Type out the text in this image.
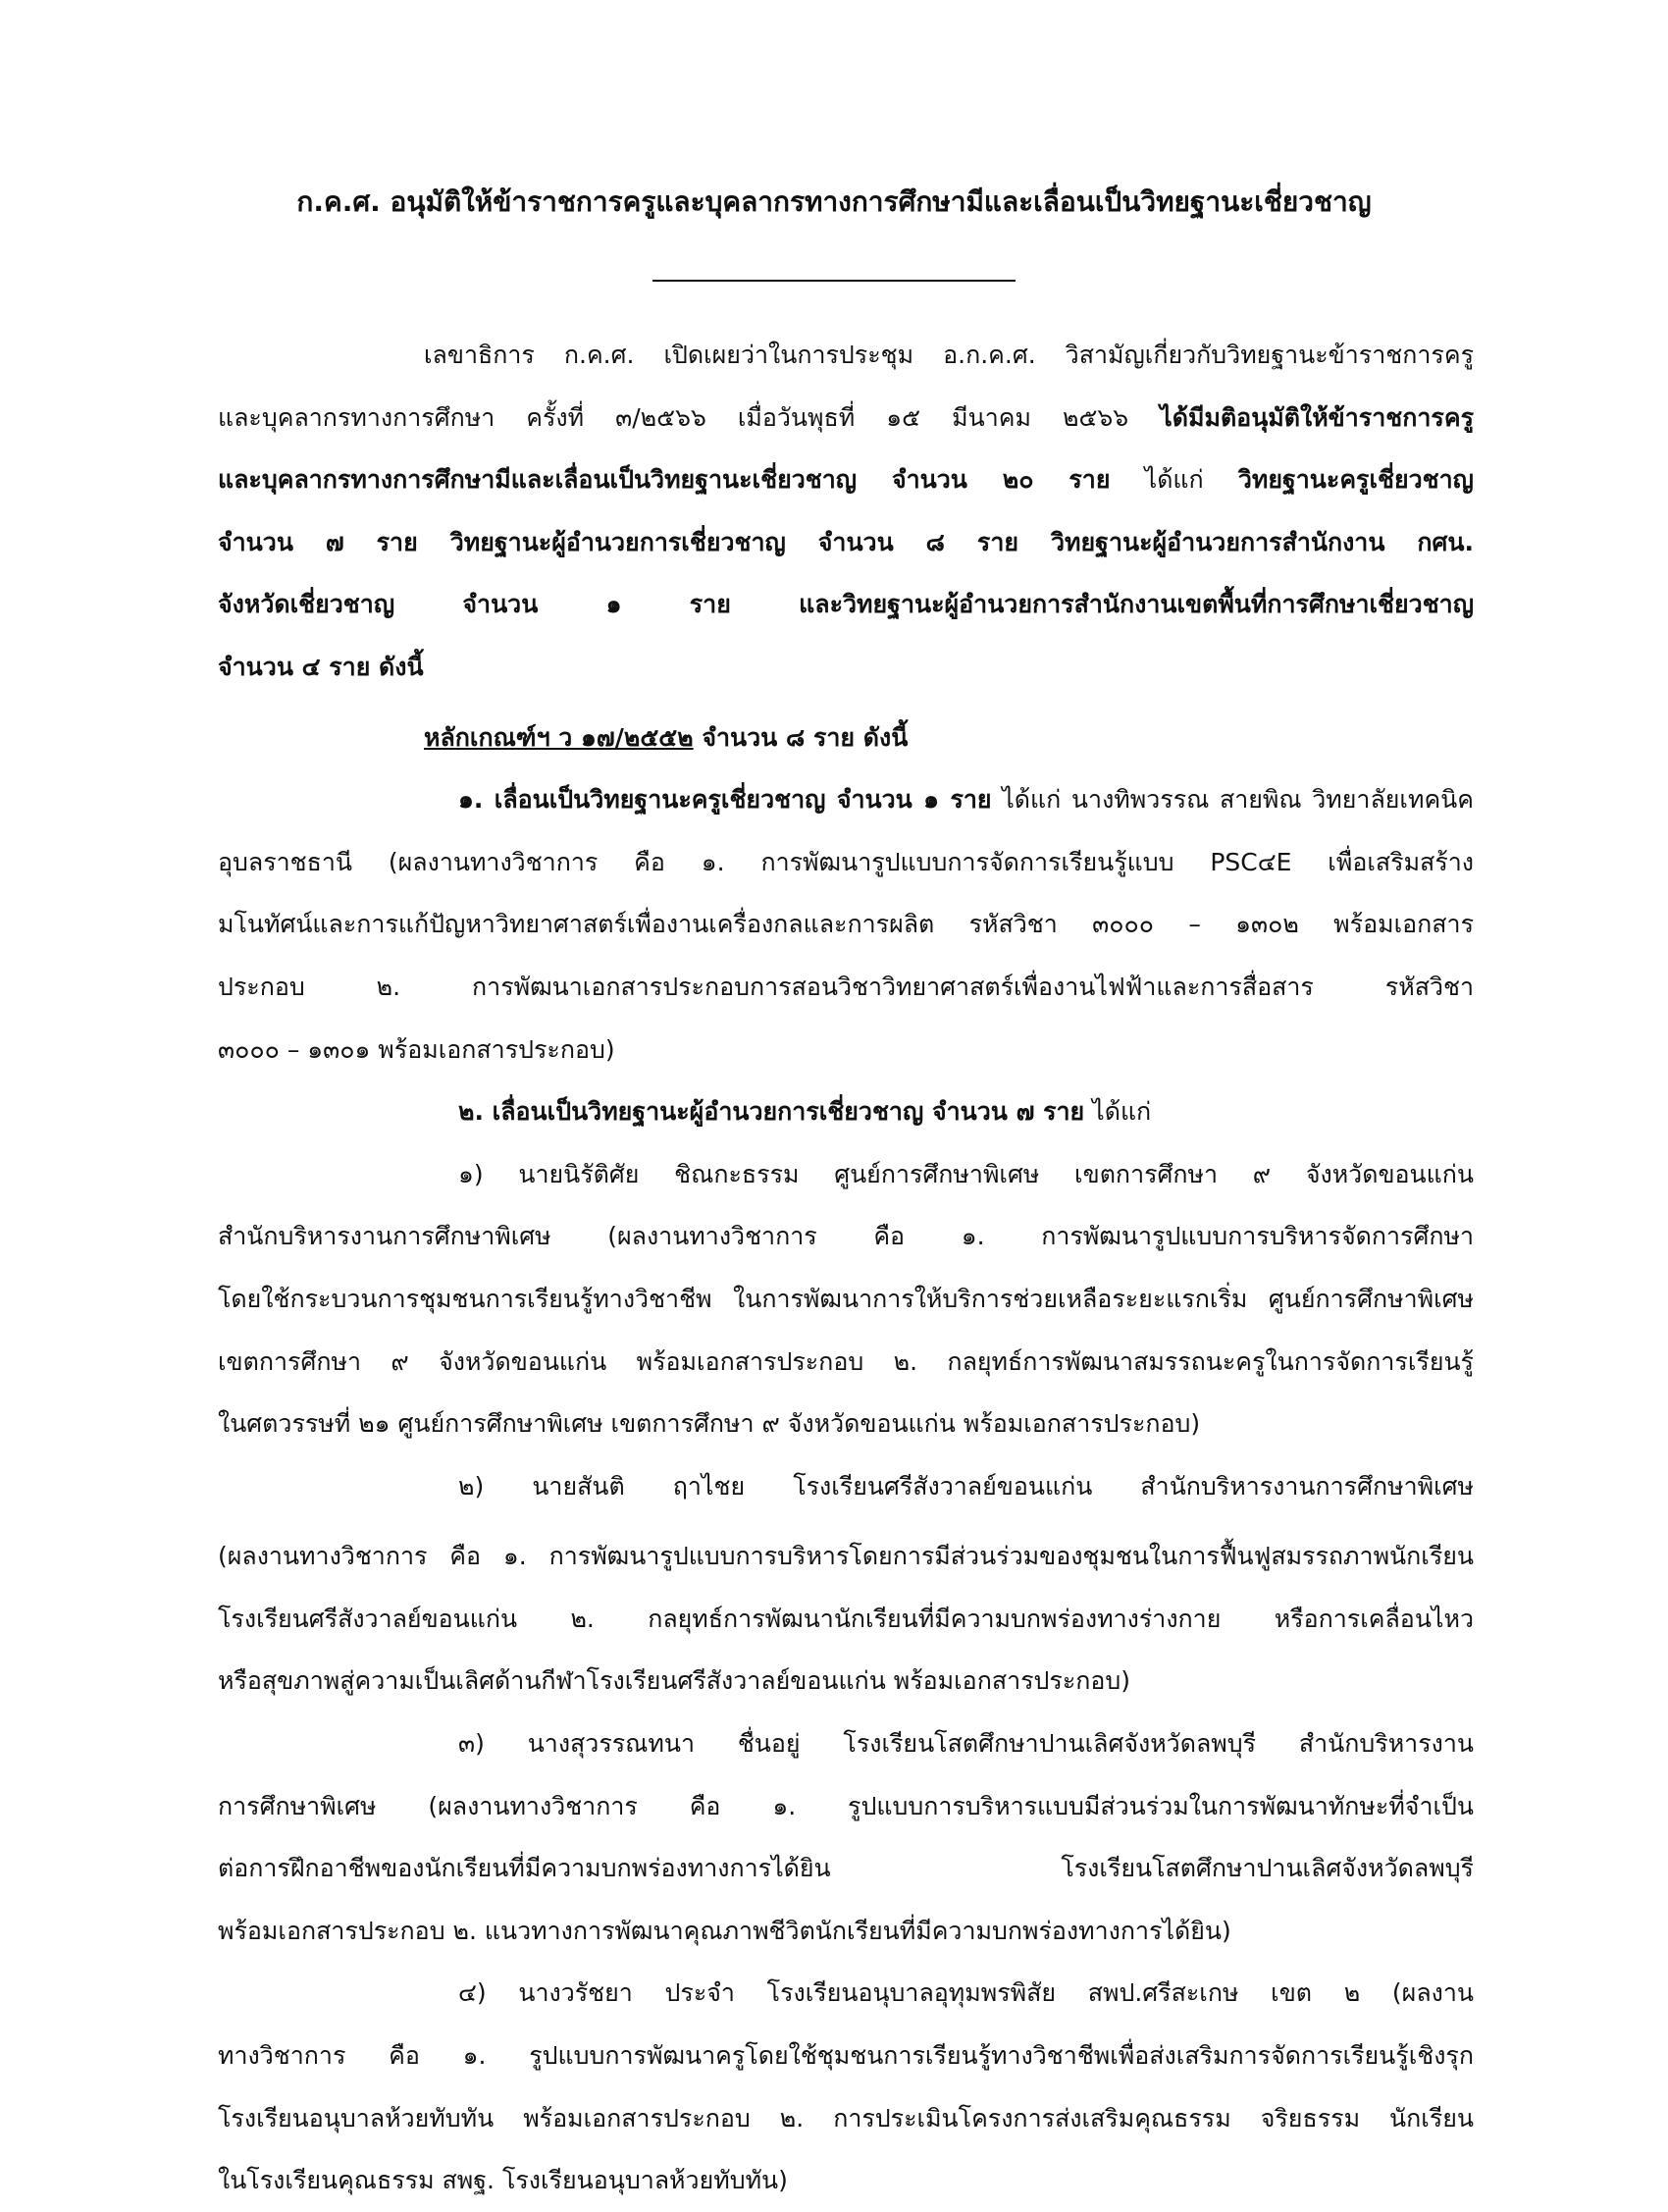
ก.ค.ศ. อนุมัติให้ข้าราชการครูและบุคลากรทางการศึกษามีและเลื่อนเป็นวิทยฐานะเชี่ยวชาญ
เลขาธิการ ก.ค.ศ. เปิดเผยว่าในการประชุม อ.ก.ค.ศ. วิสามัญเกี่ยวกับวิทยฐานะข้าราชการครู
และบุคลากรทางการศึกษา ครั้งที่ ๓/๒๕๖๖ เมื่อวันพุธที่ ๑๕ มีนาคม ๒๕๖๖ ได้มีมติอนุมัติให้ข้าราชการครู
และบุคลากรทางการศึกษามีและเลื่อนเป็นวิทยฐานะเชี่ยวชาญ จำนวน ๒๐ ราย ได้แก่ วิทยฐานะครูเชี่ยวชาญ
จำนวน ๗ ราย วิทยฐานะผู้อำนวยการเชี่ยวชาญ จำนวน ๘ ราย วิทยฐานะผู้อำนวยการสำนักงาน กศน.
จังหวัดเชี่ยวชาญ จำนวน ๑ ราย และวิทยฐานะผู้อำนวยการสำนักงานเขตพื้นที่การศึกษาเชี่ยวชาญ
จำนวน ๔ ราย ดังนี้
หลักเกณฑ์ฯ ว ๑๗/๒๕๕๒ จำนวน ๘ ราย ดังนี้
๑. เลื่อนเป็นวิทยฐานะครูเชี่ยวชาญ จำนวน ๑ ราย ได้แก่ นางทิพวรรณ สายพิณ วิทยาลัยเทคนิค
อุบลราชธานี (ผลงานทางวิชาการ คือ ๑. การพัฒนารูปแบบการจัดการเรียนรู้แบบ PSC๔E เพื่อเสริมสร้าง
มโนทัศน์และการแก้ปัญหาวิทยาศาสตร์เพื่องานเครื่องกลและการผลิต รหัสวิชา ๓๐๐๐ – ๑๓๐๒ พร้อมเอกสาร
ประกอบ ๒. การพัฒนาเอกสารประกอบการสอนวิชาวิทยาศาสตร์เพื่องานไฟฟ้าและการสื่อสาร รหัสวิชา
๓๐๐๐ – ๑๓๐๑ พร้อมเอกสารประกอบ)
๒. เลื่อนเป็นวิทยฐานะผู้อำนวยการเชี่ยวชาญ จำนวน ๗ ราย ได้แก่
๑) นายนิรัติศัย ชิณกะธรรม ศูนย์การศึกษาพิเศษ เขตการศึกษา ๙ จังหวัดขอนแก่น
สำนักบริหารงานการศึกษาพิเศษ (ผลงานทางวิชาการ คือ ๑. การพัฒนารูปแบบการบริหารจัดการศึกษา
โดยใช้กระบวนการชุมชนการเรียนรู้ทางวิชาชีพ ในการพัฒนาการให้บริการช่วยเหลือระยะแรกเริ่ม ศูนย์การศึกษาพิเศษ
เขตการศึกษา ๙ จังหวัดขอนแก่น พร้อมเอกสารประกอบ ๒. กลยุทธ์การพัฒนาสมรรถนะครูในการจัดการเรียนรู้
ในศตวรรษที่ ๒๑ ศูนย์การศึกษาพิเศษ เขตการศึกษา ๙ จังหวัดขอนแก่น พร้อมเอกสารประกอบ)
๒) นายสันติ ฤาไชย โรงเรียนศรีสังวาลย์ขอนแก่น สำนักบริหารงานการศึกษาพิเศษ
(ผลงานทางวิชาการ คือ ๑. การพัฒนารูปแบบการบริหารโดยการมีส่วนร่วมของชุมชนในการฟื้นฟูสมรรถภาพนักเรียน
โรงเรียนศรีสังวาลย์ขอนแก่น ๒. กลยุทธ์การพัฒนานักเรียนที่มีความบกพร่องทางร่างกาย หรือการเคลื่อนไหว
หรือสุขภาพสู่ความเป็นเลิศด้านกีฬาโรงเรียนศรีสังวาลย์ขอนแก่น พร้อมเอกสารประกอบ)
๓) นางสุวรรณทนา ชื่นอยู่ โรงเรียนโสตศึกษาปานเลิศจังหวัดลพบุรี สำนักบริหารงาน
การศึกษาพิเศษ (ผลงานทางวิชาการ คือ ๑. รูปแบบการบริหารแบบมีส่วนร่วมในการพัฒนาทักษะที่จำเป็น
ต่อการฝึกอาชีพของนักเรียนที่มีความบกพร่องทางการได้ยิน โรงเรียนโสตศึกษาปานเลิศจังหวัดลพบุรี
พร้อมเอกสารประกอบ ๒. แนวทางการพัฒนาคุณภาพชีวิตนักเรียนที่มีความบกพร่องทางการได้ยิน)
๔) นางวรัชยา ประจำ โรงเรียนอนุบาลอุทุมพรพิสัย สพป.ศรีสะเกษ เขต ๒ (ผลงาน
ทางวิชาการ คือ ๑. รูปแบบการพัฒนาครูโดยใช้ชุมชนการเรียนรู้ทางวิชาชีพเพื่อส่งเสริมการจัดการเรียนรู้เชิงรุก
โรงเรียนอนุบาลห้วยทับทัน พร้อมเอกสารประกอบ ๒. การประเมินโครงการส่งเสริมคุณธรรม จริยธรรม นักเรียน
ในโรงเรียนคุณธรรม สพฐ. โรงเรียนอนุบาลห้วยทับทัน)
